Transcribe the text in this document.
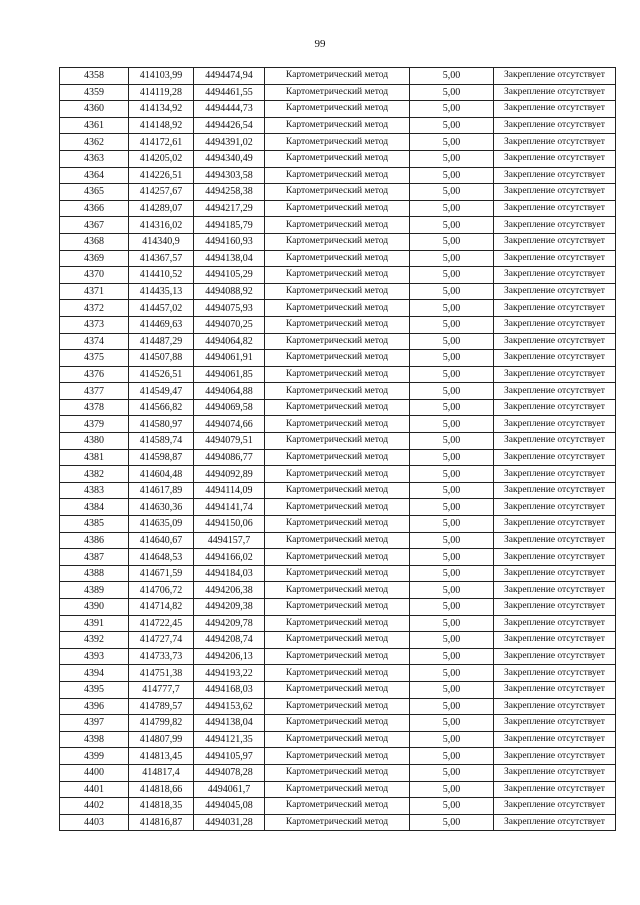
99
4358	414103,99	4494474,94	Картометрический метод	5,00	Закрепление отсутствует
4359	414119,28	4494461,55	Картометрический метод	5,00	Закрепление отсутствует
4360	414134,92	4494444,73	Картометрический метод	5,00	Закрепление отсутствует
4361	414148,92	4494426,54	Картометрический метод	5,00	Закрепление отсутствует
4362	414172,61	4494391,02	Картометрический метод	5,00	Закрепление отсутствует
4363	414205,02	4494340,49	Картометрический метод	5,00	Закрепление отсутствует
4364	414226,51	4494303,58	Картометрический метод	5,00	Закрепление отсутствует
4365	414257,67	4494258,38	Картометрический метод	5,00	Закрепление отсутствует
4366	414289,07	4494217,29	Картометрический метод	5,00	Закрепление отсутствует
4367	414316,02	4494185,79	Картометрический метод	5,00	Закрепление отсутствует
4368	414340,9	4494160,93	Картометрический метод	5,00	Закрепление отсутствует
4369	414367,57	4494138,04	Картометрический метод	5,00	Закрепление отсутствует
4370	414410,52	4494105,29	Картометрический метод	5,00	Закрепление отсутствует
4371	414435,13	4494088,92	Картометрический метод	5,00	Закрепление отсутствует
4372	414457,02	4494075,93	Картометрический метод	5,00	Закрепление отсутствует
4373	414469,63	4494070,25	Картометрический метод	5,00	Закрепление отсутствует
4374	414487,29	4494064,82	Картометрический метод	5,00	Закрепление отсутствует
4375	414507,88	4494061,91	Картометрический метод	5,00	Закрепление отсутствует
4376	414526,51	4494061,85	Картометрический метод	5,00	Закрепление отсутствует
4377	414549,47	4494064,88	Картометрический метод	5,00	Закрепление отсутствует
4378	414566,82	4494069,58	Картометрический метод	5,00	Закрепление отсутствует
4379	414580,97	4494074,66	Картометрический метод	5,00	Закрепление отсутствует
4380	414589,74	4494079,51	Картометрический метод	5,00	Закрепление отсутствует
4381	414598,87	4494086,77	Картометрический метод	5,00	Закрепление отсутствует
4382	414604,48	4494092,89	Картометрический метод	5,00	Закрепление отсутствует
4383	414617,89	4494114,09	Картометрический метод	5,00	Закрепление отсутствует
4384	414630,36	4494141,74	Картометрический метод	5,00	Закрепление отсутствует
4385	414635,09	4494150,06	Картометрический метод	5,00	Закрепление отсутствует
4386	414640,67	4494157,7	Картометрический метод	5,00	Закрепление отсутствует
4387	414648,53	4494166,02	Картометрический метод	5,00	Закрепление отсутствует
4388	414671,59	4494184,03	Картометрический метод	5,00	Закрепление отсутствует
4389	414706,72	4494206,38	Картометрический метод	5,00	Закрепление отсутствует
4390	414714,82	4494209,38	Картометрический метод	5,00	Закрепление отсутствует
4391	414722,45	4494209,78	Картометрический метод	5,00	Закрепление отсутствует
4392	414727,74	4494208,74	Картометрический метод	5,00	Закрепление отсутствует
4393	414733,73	4494206,13	Картометрический метод	5,00	Закрепление отсутствует
4394	414751,38	4494193,22	Картометрический метод	5,00	Закрепление отсутствует
4395	414777,7	4494168,03	Картометрический метод	5,00	Закрепление отсутствует
4396	414789,57	4494153,62	Картометрический метод	5,00	Закрепление отсутствует
4397	414799,82	4494138,04	Картометрический метод	5,00	Закрепление отсутствует
4398	414807,99	4494121,35	Картометрический метод	5,00	Закрепление отсутствует
4399	414813,45	4494105,97	Картометрический метод	5,00	Закрепление отсутствует
4400	414817,4	4494078,28	Картометрический метод	5,00	Закрепление отсутствует
4401	414818,66	4494061,7	Картометрический метод	5,00	Закрепление отсутствует
4402	414818,35	4494045,08	Картометрический метод	5,00	Закрепление отсутствует
4403	414816,87	4494031,28	Картометрический метод	5,00	Закрепление отсутствует
